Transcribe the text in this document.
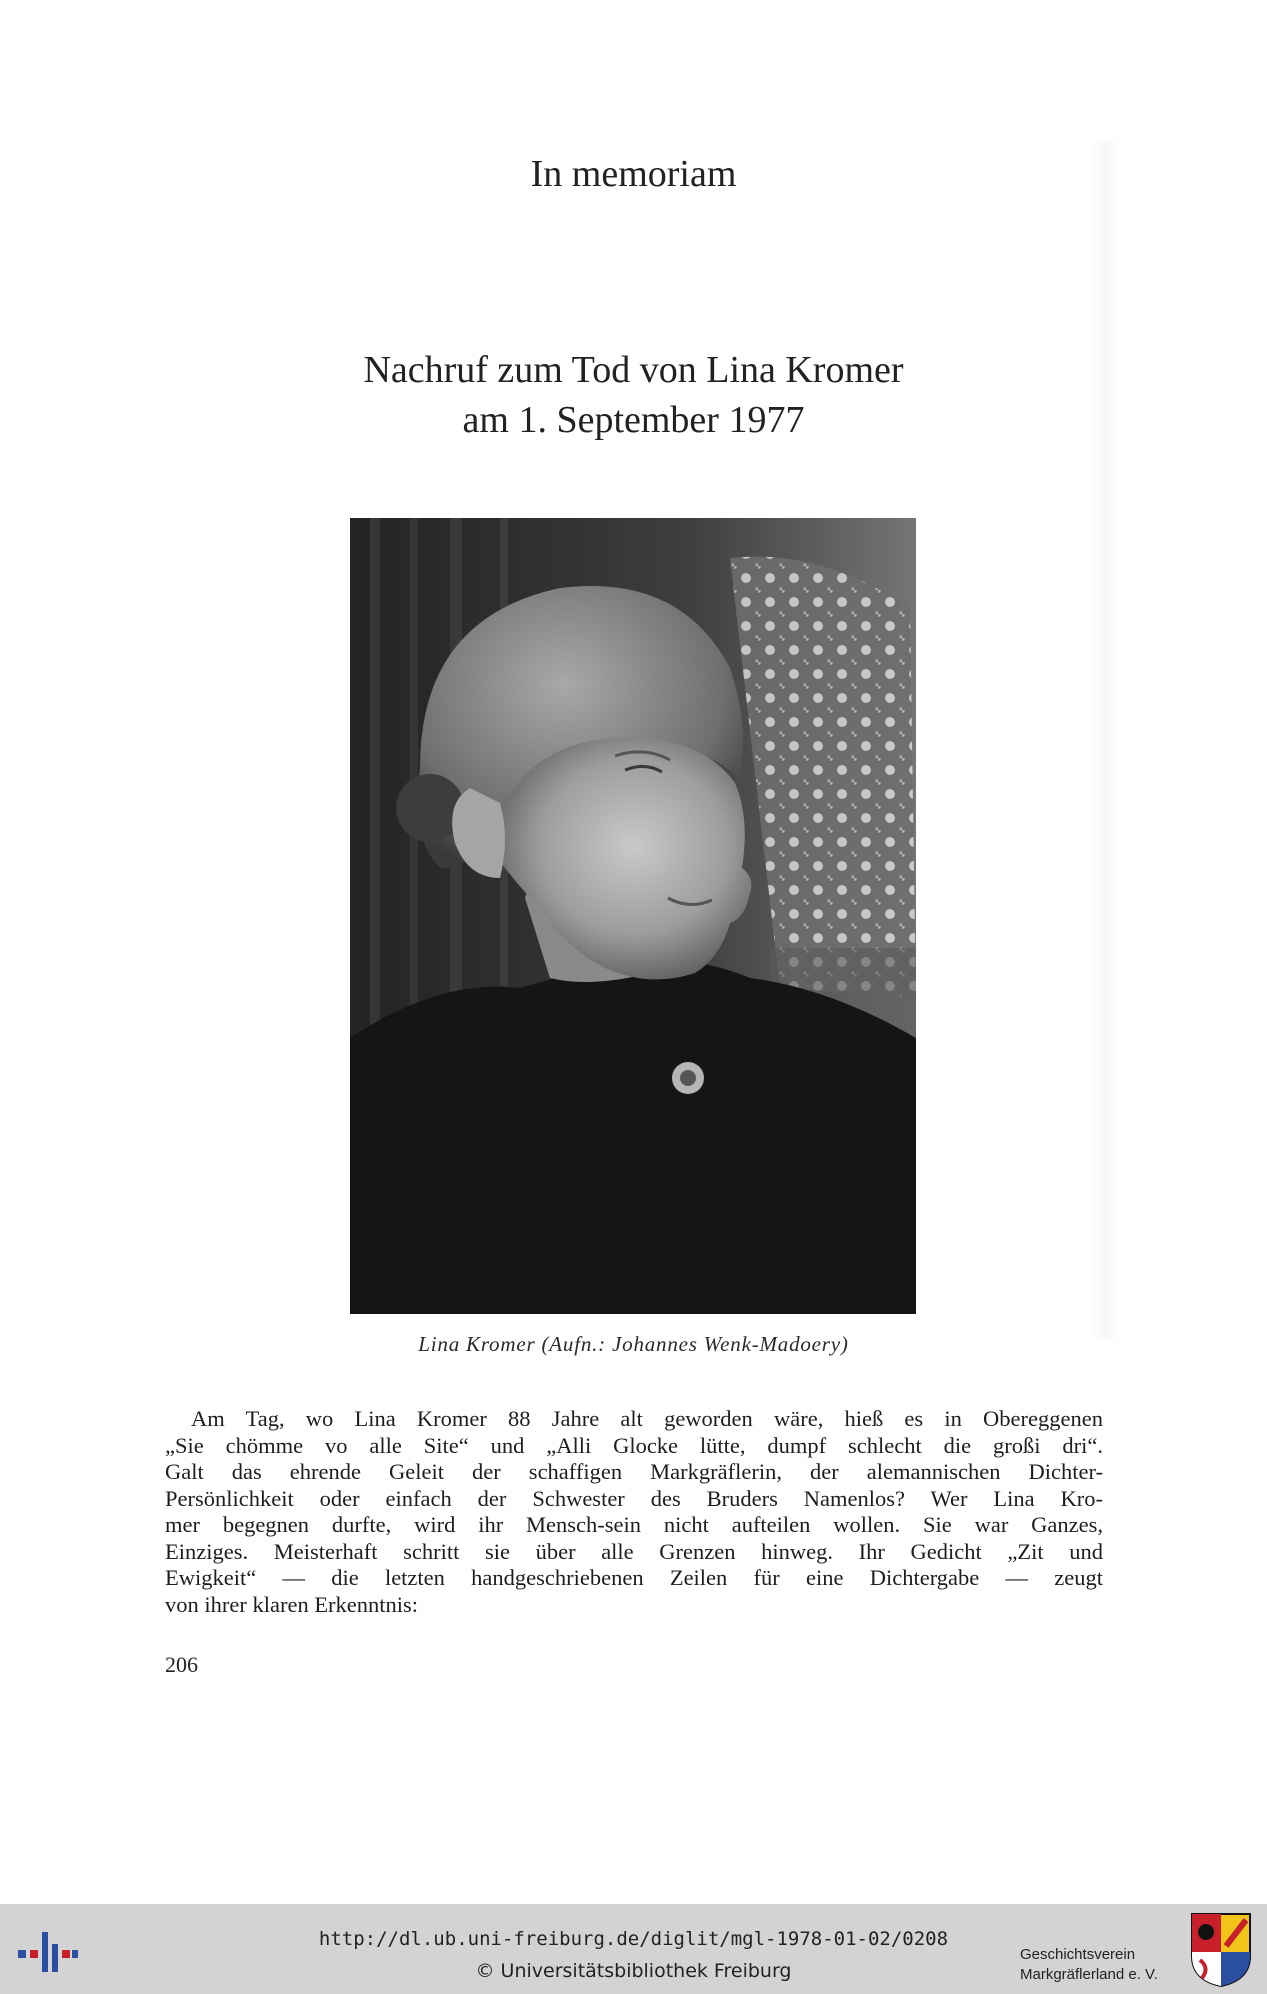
In memoriam
Nachruf zum Tod von Lina Kromer
am 1. September 1977
Lina Kromer (Aufn.: Johannes Wenk-Madoery)
Am Tag, wo Lina Kromer 88 Jahre alt geworden wäre, hieß es in Obereggenen
„Sie chömme vo alle Site“ und „Alli Glocke lütte, dumpf schlecht die großi dri“.
Galt das ehrende Geleit der schaffigen Markgräflerin, der alemannischen Dichter-
Persönlichkeit oder einfach der Schwester des Bruders Namenlos? Wer Lina Kro-
mer begegnen durfte, wird ihr Mensch-sein nicht aufteilen wollen. Sie war Ganzes,
Einziges. Meisterhaft schritt sie über alle Grenzen hinweg. Ihr Gedicht „Zit und
Ewigkeit“ — die letzten handgeschriebenen Zeilen für eine Dichtergabe — zeugt
von ihrer klaren Erkenntnis:
206
http://dl.ub.uni-freiburg.de/diglit/mgl-1978-01-02/0208
© Universitätsbibliothek Freiburg
Geschichtsverein
Markgräflerland e. V.
